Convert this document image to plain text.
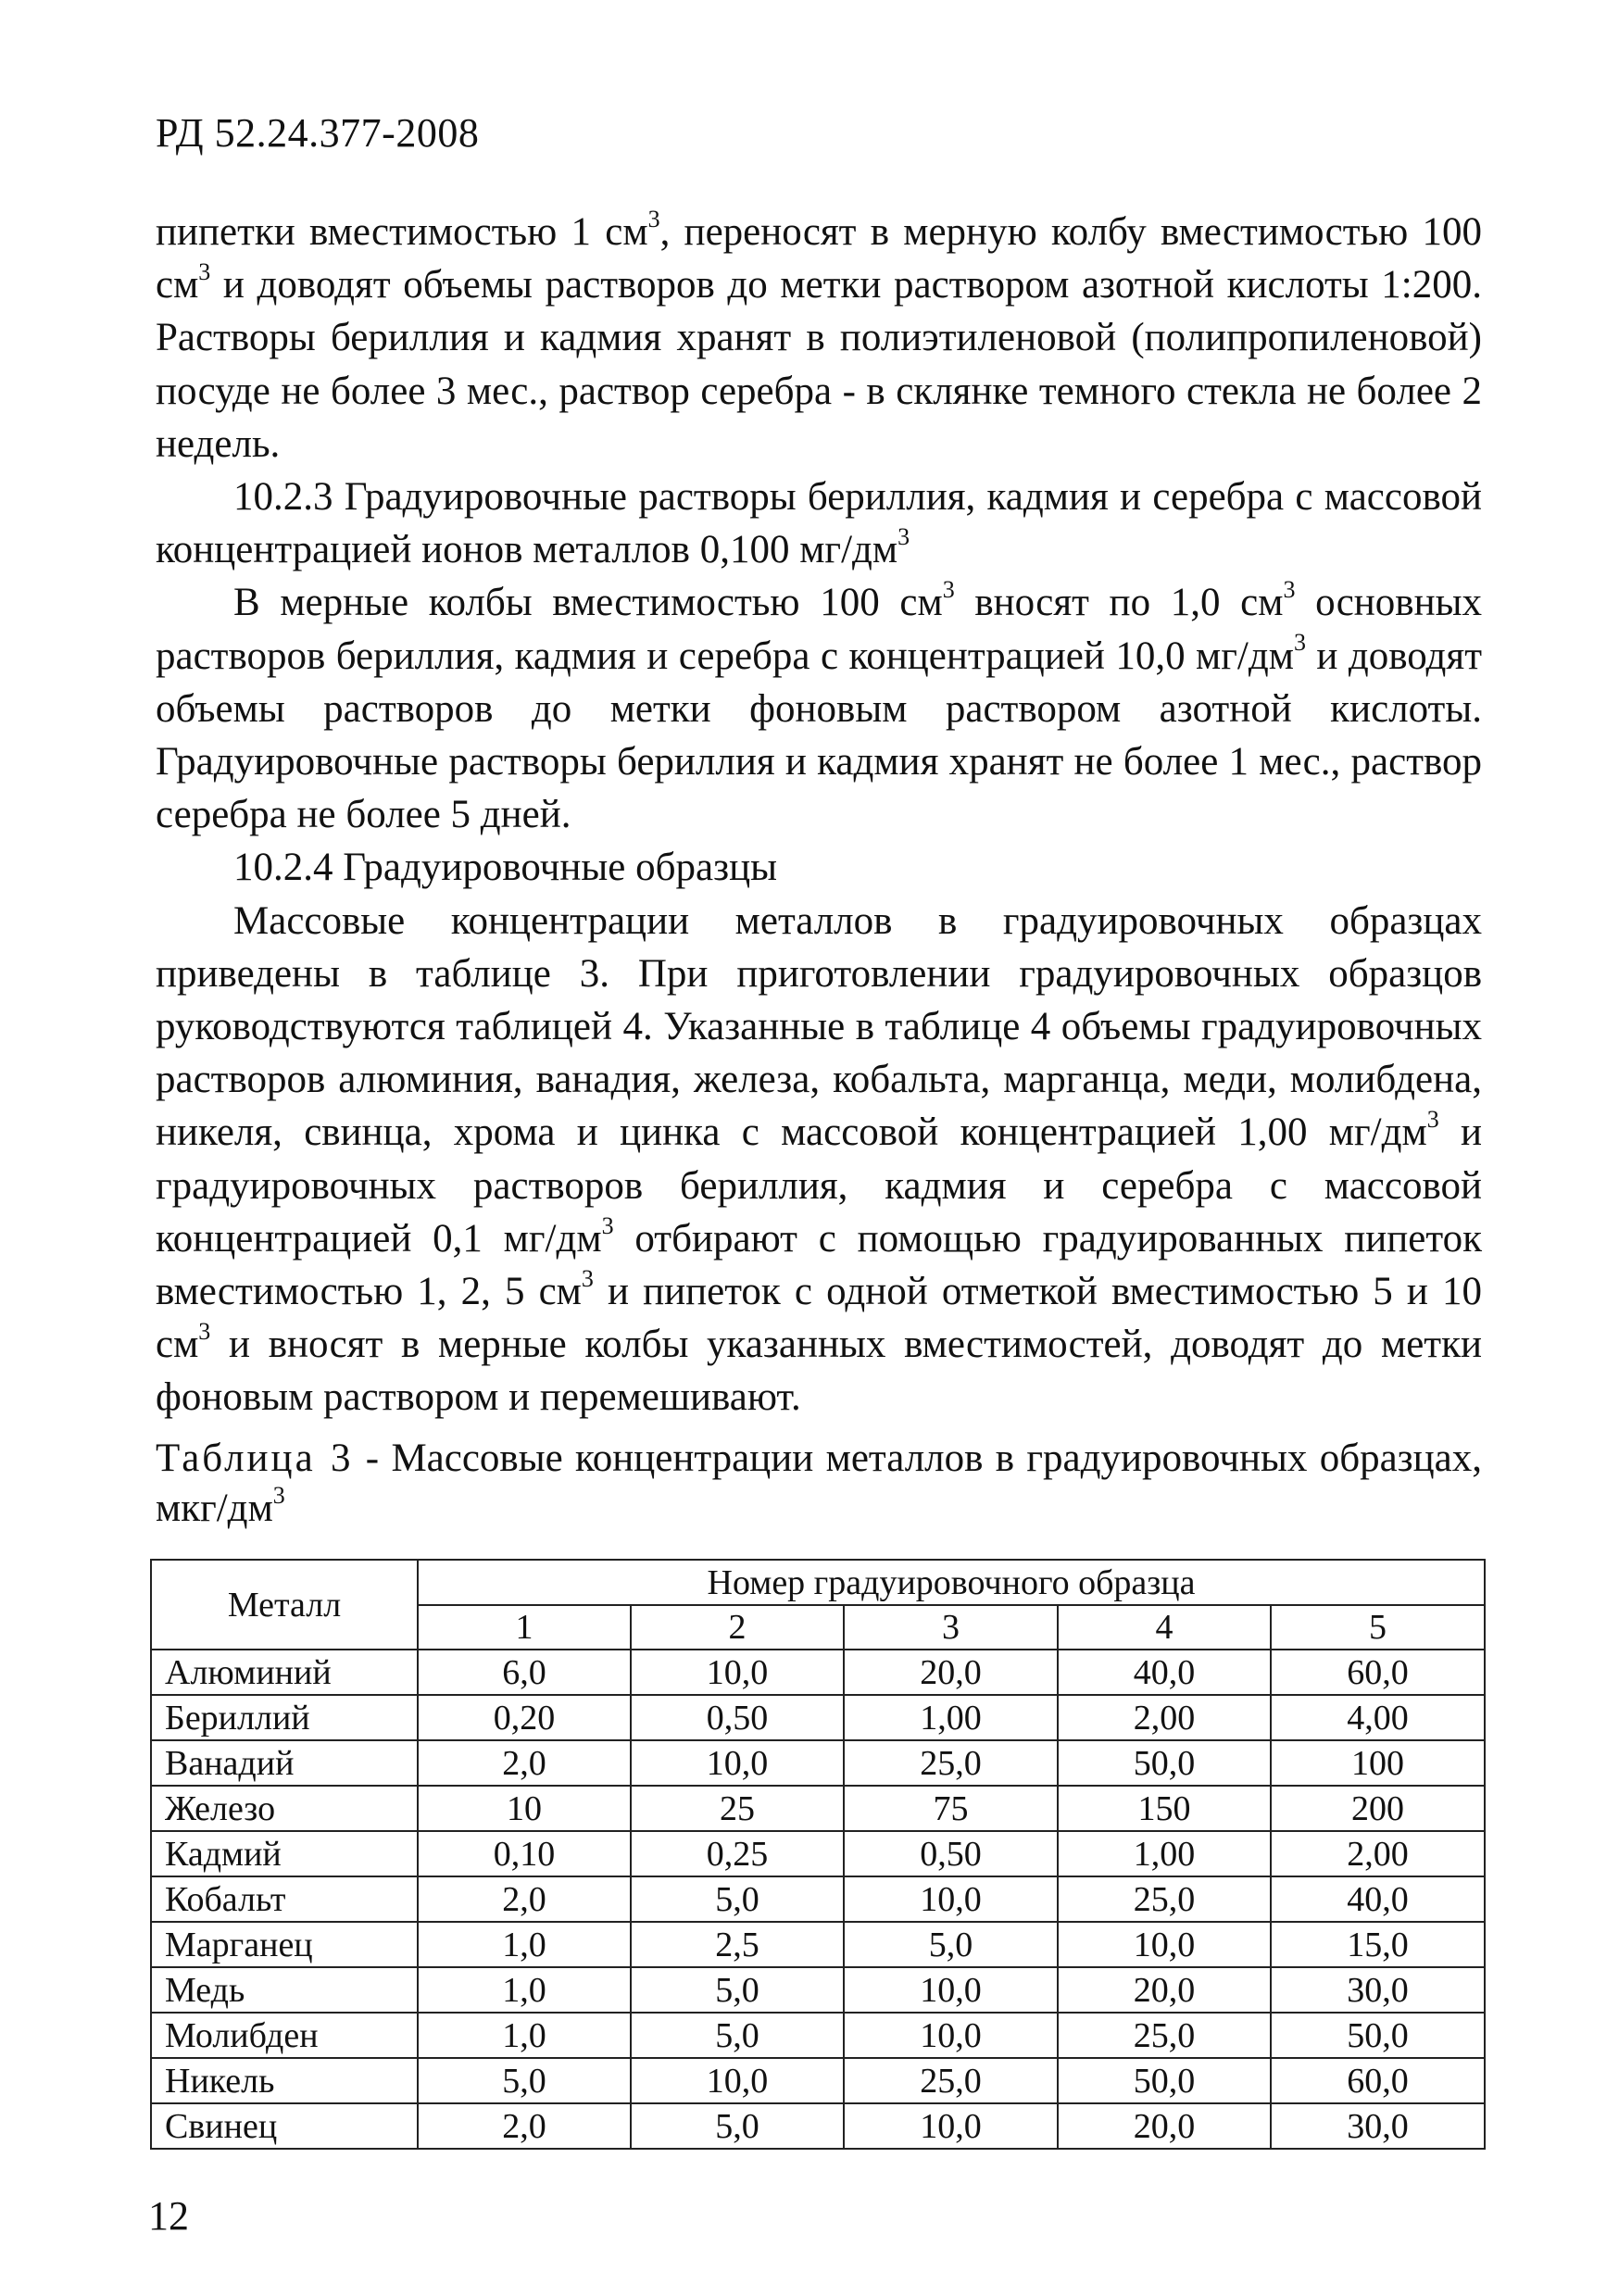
РД 52.24.377-2008

пипетки вместимостью 1 $см^3$, переносят в мерную колбу вместимостью 100 $см^3$ и доводят объемы растворов до метки раствором азотной кислоты 1:200. Растворы бериллия и кадмия хранят в полиэтиленовой (полипропиленовой) посуде не более 3 мес., раствор серебра - в склянке темного стекла не более 2 недель.

10.2.3 Градуировочные растворы бериллия, кадмия и серебра с массовой концентрацией ионов металлов 0,100 $мг/дм^3$

В мерные колбы вместимостью 100 $см^3$ вносят по 1,0 $см^3$ основных растворов бериллия, кадмия и серебра с концентрацией 10,0 $мг/дм^3$ и доводят объемы растворов до метки фоновым раствором азотной кислоты. Градуировочные растворы бериллия и кадмия хранят не более 1 мес., раствор серебра не более 5 дней.

10.2.4 Градуировочные образцы

Массовые концентрации металлов в градуировочных образцах приведены в таблице 3. При приготовлении градуировочных образцов руководствуются таблицей 4. Указанные в таблице 4 объемы градуировочных растворов алюминия, ванадия, железа, кобальта, марганца, меди, молибдена, никеля, свинца, хрома и цинка с массовой концентрацией 1,00 $мг/дм^3$ и градуировочных растворов бериллия, кадмия и серебра с массовой концентрацией 0,1 $мг/дм^3$ отбирают с помощью градуированных пипеток вместимостью 1, 2, 5 $см^3$ и пипеток с одной отметкой вместимостью 5 и 10 $см^3$ и вносят в мерные колбы указанных вместимостей, доводят до метки фоновым раствором и перемешивают.

Таблица 3 - Массовые концентрации металлов в градуировочных образцах, мкг/$дм^3$
Металл	Номер градуировочного образца				
	1	2	3	4	5
Алюминий	6,0	10,0	20,0	40,0	60,0
Бериллий	0,20	0,50	1,00	2,00	4,00
Ванадий	2,0	10,0	25,0	50,0	100
Железо	10	25	75	150	200
Кадмий	0,10	0,25	0,50	1,00	2,00
Кобальт	2,0	5,0	10,0	25,0	40,0
Марганец	1,0	2,5	5,0	10,0	15,0
Медь	1,0	5,0	10,0	20,0	30,0
Молибден	1,0	5,0	10,0	25,0	50,0
Никель	5,0	10,0	25,0	50,0	60,0
Свинец	2,0	5,0	10,0	20,0	30,0
12
